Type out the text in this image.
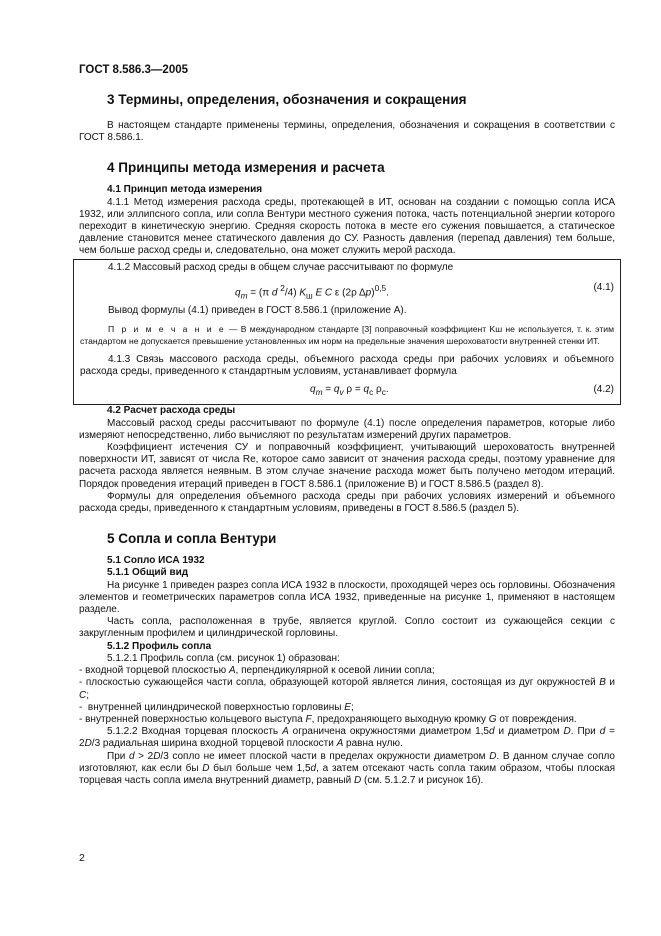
ГОСТ 8.586.3—2005
3 Термины, определения, обозначения и сокращения

В настоящем стандарте применены термины, определения, обозначения и сокращения в соответствии с ГОСТ 8.586.1.

4 Принципы метода измерения и расчета
4.1 Принцип метода измерения

4.1.1 Метод измерения расхода среды, протекающей в ИТ, основан на создании с помощью сопла ИСА 1932, или эллипсного сопла, или сопла Вентури местного сужения потока, часть потенциальной энергии которого переходит в кинетическую энергию. Средняя скорость потока в месте его сужения повышается, а статическое давление становится менее статического давления до СУ. Разность давления (перепад давления) тем больше, чем больше расход среды и, следовательно, она может служить мерой расхода.

4.1.2 Массовый расход среды в общем случае рассчитывают по формуле

$q_m = (\pi$ d $^2$/4) $K_ш$ E C ε (2ρ Δp)$^{0,5}$.	(4.1)

Вывод формулы (4.1) приведен в ГОСТ 8.586.1 (приложение А).

П р и м е ч а н и е — В международном стандарте [3] поправочный коэффициент Kш не используется, т. к. этим стандартом не допускается превышение установленных им норм на предельные значения шероховатости внутренней стенки ИТ.

4.1.3 Связь массового расхода среды, объемного расхода среды при рабочих условиях и объемного расхода среды, приведенного к стандартным условиям, устанавливает формула

$q_m = q_v$ $\rho = q_c$ $\rho_c$.	(4.2)
4.2 Расчет расхода среды

Массовый расход среды рассчитывают по формуле (4.1) после определения параметров, которые либо измеряют непосредственно, либо вычисляют по результатам измерений других параметров.

Коэффициент истечения СУ и поправочный коэффициент, учитывающий шероховатость внутренней поверхности ИТ, зависят от числа Re, которое само зависит от значения расхода среды, поэтому уравнение для расчета расхода является неявным. В этом случае значение расхода может быть получено методом итераций. Порядок проведения итераций приведен в ГОСТ 8.586.1 (приложение В) и ГОСТ 8.586.5 (раздел 8).

Формулы для определения объемного расхода среды при рабочих условиях измерений и объемного расхода среды, приведенного к стандартным условиям, приведены в ГОСТ 8.586.5 (раздел 5).

5 Сопла и сопла Вентури
5.1 Сопло ИСА 1932
5.1.1 Общий вид

На рисунке 1 приведен разрез сопла ИСА 1932 в плоскости, проходящей через ось горловины. Обозначения элементов и геометрических параметров сопла ИСА 1932, приведенные на рисунке 1, применяют в настоящем разделе.

Часть сопла, расположенная в трубе, является круглой. Сопло состоит из сужающейся секции с закругленным профилем и цилиндрической горловины.

5.1.2 Профиль сопла

5.1.2.1 Профиль сопла (см. рисунок 1) образован:

- входной торцевой плоскостью A, перпендикулярной к осевой линии сопла;

- плоскостью сужающейся части сопла, образующей которой является линия, состоящая из дуг окружностей B и C;

-  внутренней цилиндрической поверхностью горловины E;

- внутренней поверхностью кольцевого выступа F, предохраняющего выходную кромку G от повреждения.

5.1.2.2 Входная торцевая плоскость A ограничена окружностями диаметром 1,5d и диаметром D. При d = 2D/3 радиальная ширина входной торцевой плоскости A равна нулю.

При d > 2D/3 сопло не имеет плоской части в пределах окружности диаметром D. В данном случае сопло изготовляют, как если бы D был больше чем 1,5d, а затем отсекают часть сопла таким образом, чтобы плоская торцевая часть сопла имела внутренний диаметр, равный D (см. 5.1.2.7 и рисунок 1б).

2
